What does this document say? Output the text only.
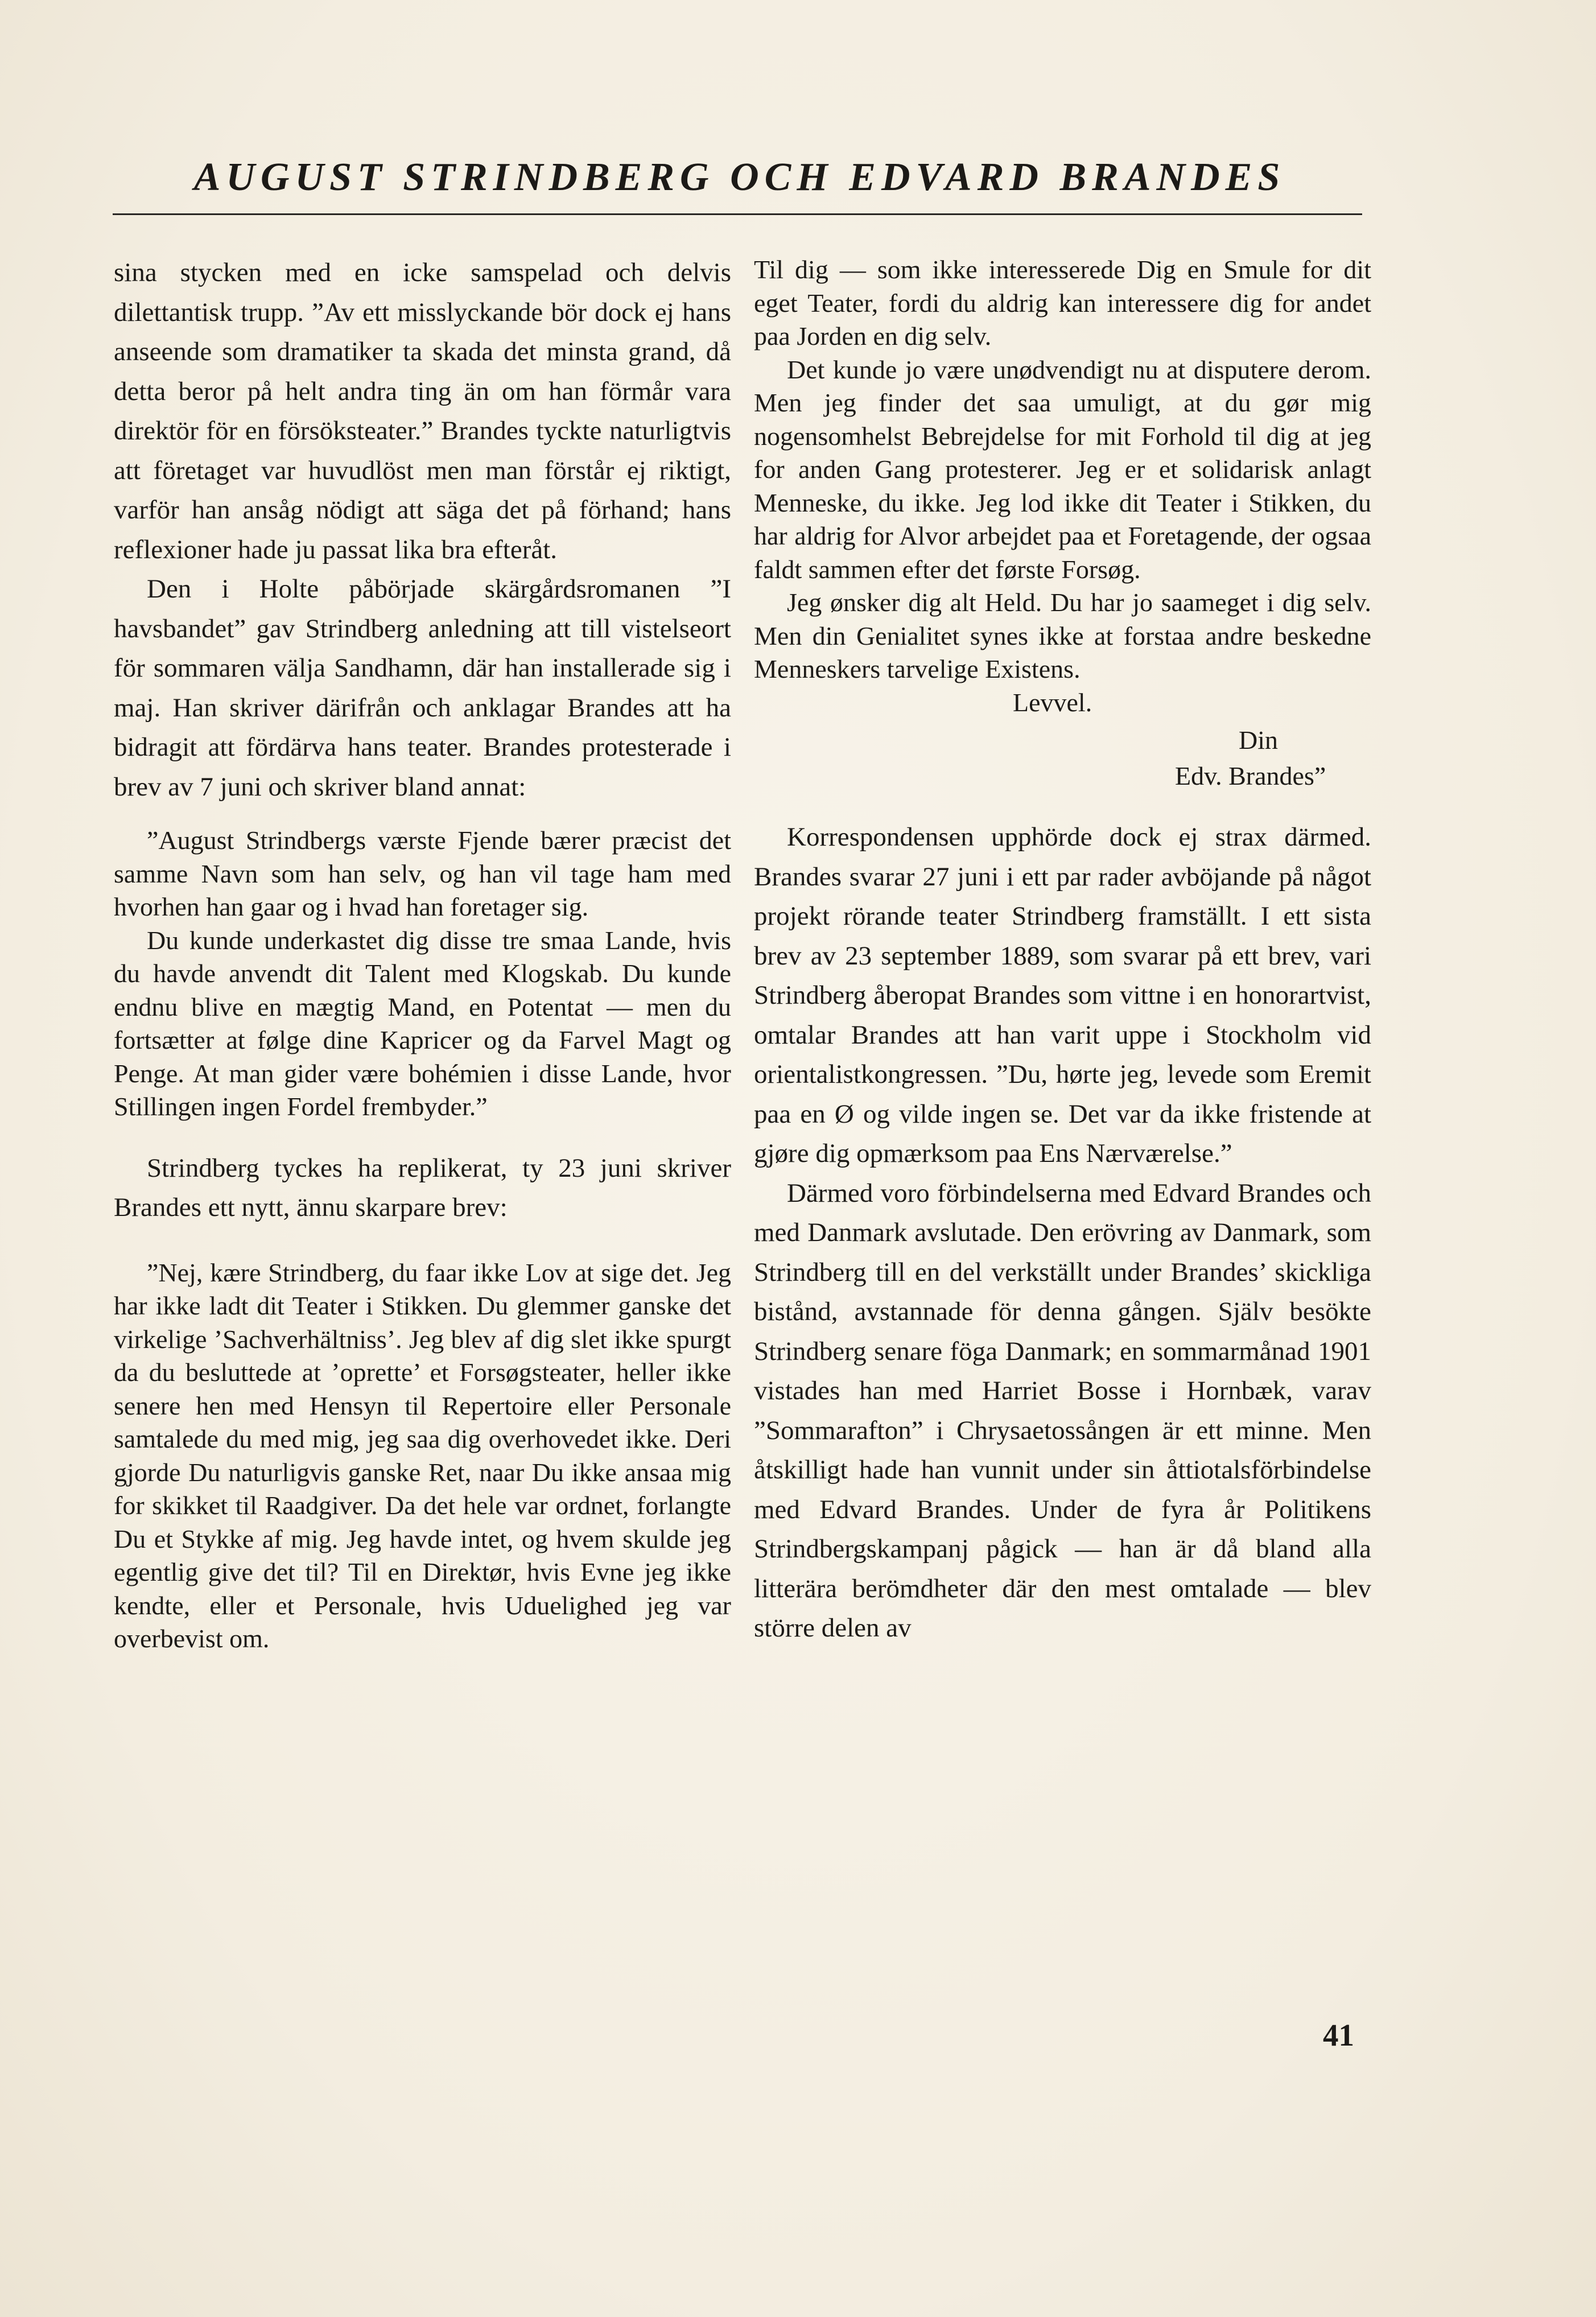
AUGUST STRINDBERG OCH EDVARD BRANDES

sina stycken med en icke samspelad och delvis dilettantisk trupp. ”Av ett misslyckande bör dock ej hans anseende som dramatiker ta skada det minsta grand, då detta beror på helt andra ting än om han förmår vara direktör för en försöksteater.” Brandes tyckte naturligtvis att företaget var huvudlöst men man förstår ej riktigt, varför han ansåg nödigt att säga det på förhand; hans reflexioner hade ju passat lika bra efteråt.

Den i Holte påbörjade skärgårdsromanen ”I havsbandet” gav Strindberg anledning att till vistelseort för sommaren välja Sandhamn, där han installerade sig i maj. Han skriver därifrån och anklagar Brandes att ha bidragit att fördärva hans teater. Brandes protesterade i brev av 7 juni och skriver bland annat:

”August Strindbergs værste Fjende bærer præcist det samme Navn som han selv, og han vil tage ham med hvorhen han gaar og i hvad han foretager sig.

Du kunde underkastet dig disse tre smaa Lande, hvis du havde anvendt dit Talent med Klogskab. Du kunde endnu blive en mægtig Mand, en Potentat — men du fortsætter at følge dine Kapricer og da Farvel Magt og Penge. At man gider være bohémien i disse Lande, hvor Stillingen ingen Fordel frembyder.”

Strindberg tyckes ha replikerat, ty 23 juni skriver Brandes ett nytt, ännu skarpare brev:

”Nej, kære Strindberg, du faar ikke Lov at sige det. Jeg har ikke ladt dit Teater i Stikken. Du glemmer ganske det virkelige ’Sachverhältniss’. Jeg blev af dig slet ikke spurgt da du besluttede at ’oprette’ et Forsøgsteater, heller ikke senere hen med Hensyn til Repertoire eller Personale samtalede du med mig, jeg saa dig overhovedet ikke. Deri gjorde Du naturligvis ganske Ret, naar Du ikke ansaa mig for skikket til Raadgiver. Da det hele var ordnet, forlangte Du et Stykke af mig. Jeg havde intet, og hvem skulde jeg egentlig give det til? Til en Direktør, hvis Evne jeg ikke kendte, eller et Personale, hvis Uduelighed jeg var overbevist om.

Til dig — som ikke interesserede Dig en Smule for dit eget Teater, fordi du aldrig kan interessere dig for andet paa Jorden en dig selv.

Det kunde jo være unødvendigt nu at disputere derom. Men jeg finder det saa umuligt, at du gør mig nogensomhelst Bebrejdelse for mit Forhold til dig at jeg for anden Gang protesterer. Jeg er et solidarisk anlagt Menneske, du ikke. Jeg lod ikke dit Teater i Stikken, du har aldrig for Alvor arbejdet paa et Foretagende, der ogsaa faldt sammen efter det første Forsøg.

Jeg ønsker dig alt Held. Du har jo saameget i dig selv. Men din Genialitet synes ikke at forstaa andre beskedne Menneskers tarvelige Existens.

Levvel.

Din

Edv. Brandes”

Korrespondensen upphörde dock ej strax därmed. Brandes svarar 27 juni i ett par rader avböjande på något projekt rörande teater Strindberg framställt. I ett sista brev av 23 september 1889, som svarar på ett brev, vari Strindberg åberopat Brandes som vittne i en honorartvist, omtalar Brandes att han varit uppe i Stockholm vid orientalistkongressen. ”Du, hørte jeg, levede som Eremit paa en Ø og vilde ingen se. Det var da ikke fristende at gjøre dig opmærksom paa Ens Nærværelse.”

Därmed voro förbindelserna med Edvard Brandes och med Danmark avslutade. Den erövring av Danmark, som Strindberg till en del verkställt under Brandes’ skickliga bistånd, avstannade för denna gången. Själv besökte Strindberg senare föga Danmark; en sommarmånad 1901 vistades han med Harriet Bosse i Hornbæk, varav ”Sommarafton” i Chrysaetossången är ett minne. Men åtskilligt hade han vunnit under sin åttiotalsförbindelse med Edvard Brandes. Under de fyra år Politikens Strindbergskampanj pågick — han är då bland alla litterära berömdheter där den mest omtalade — blev större delen av

41
